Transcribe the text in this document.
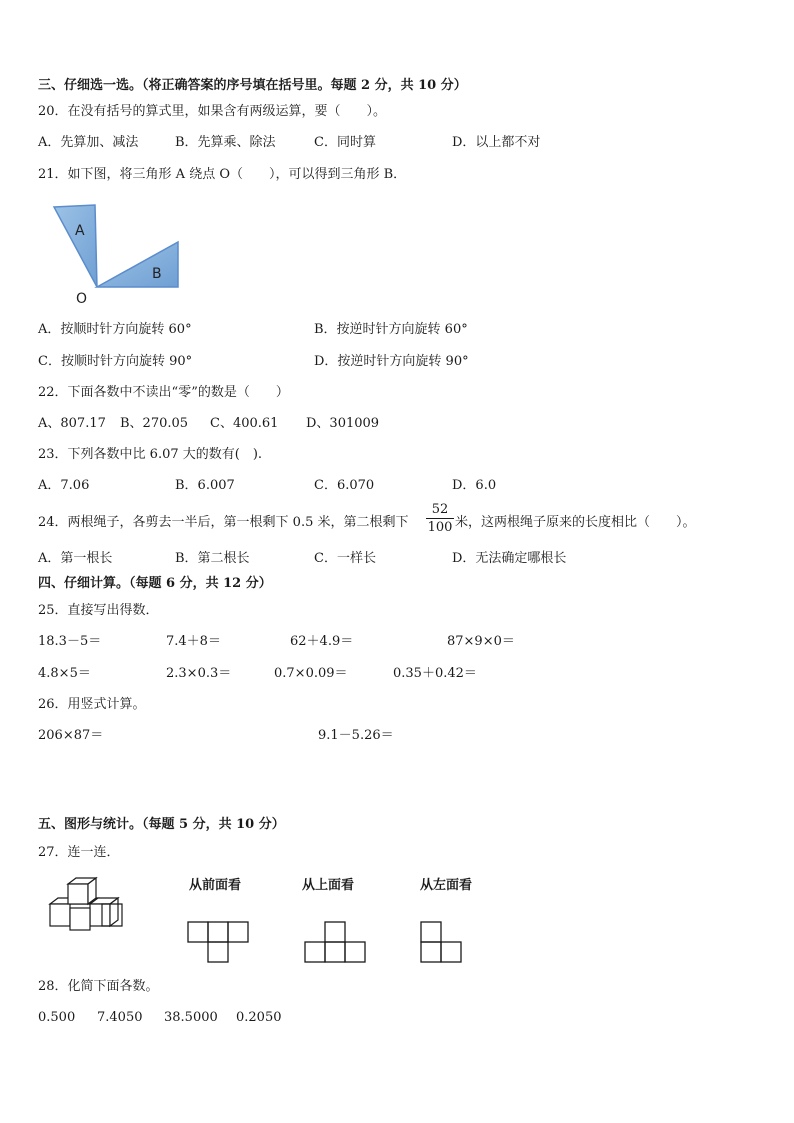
三、仔细选一选。（将正确答案的序号填在括号里。每题 2 分，共 10 分）
20．在没有括号的算式里，如果含有两级运算，要（　　）。
A．先算加、减法	B．先算乘、除法	C．同时算	D．以上都不对
21．如下图，将三角形 A 绕点 O（　　），可以得到三角形 B．
A
B
O
A．按顺时针方向旋转 60°	B．按逆时针方向旋转 60°
C．按顺时针方向旋转 90°	D．按逆时针方向旋转 90°
22．下面各数中不读出“零”的数是（　　）
A、807.17 B、270.05 C、400.61 D、301009
23．下列各数中比 6.07 大的数有(　).
A．7.06	B．6.007	C．6.070	D．6.0
24．两根绳子，各剪去一半后，第一根剩下 0.5 米，第二根剩下
52
100 米，这两根绳子原来的长度相比（　　）。
A．第一根长	B．第二根长	C．一样长	D．无法确定哪根长
四、仔细计算。（每题 6 分，共 12 分）
25．直接写出得数．
18.3－5＝	7.4＋8＝	62＋4.9＝	87×9×0＝
4.8×5＝	2.3×0.3＝	0.7×0.09＝	0.35＋0.42＝
26．用竖式计算。
206×87＝	9.1－5.26＝
五、图形与统计。（每题 5 分，共 10 分）
27．连一连．
从前面看	从上面看	从左面看
28．化简下面各数。
0.500 7.4050 38.5000 0.2050
